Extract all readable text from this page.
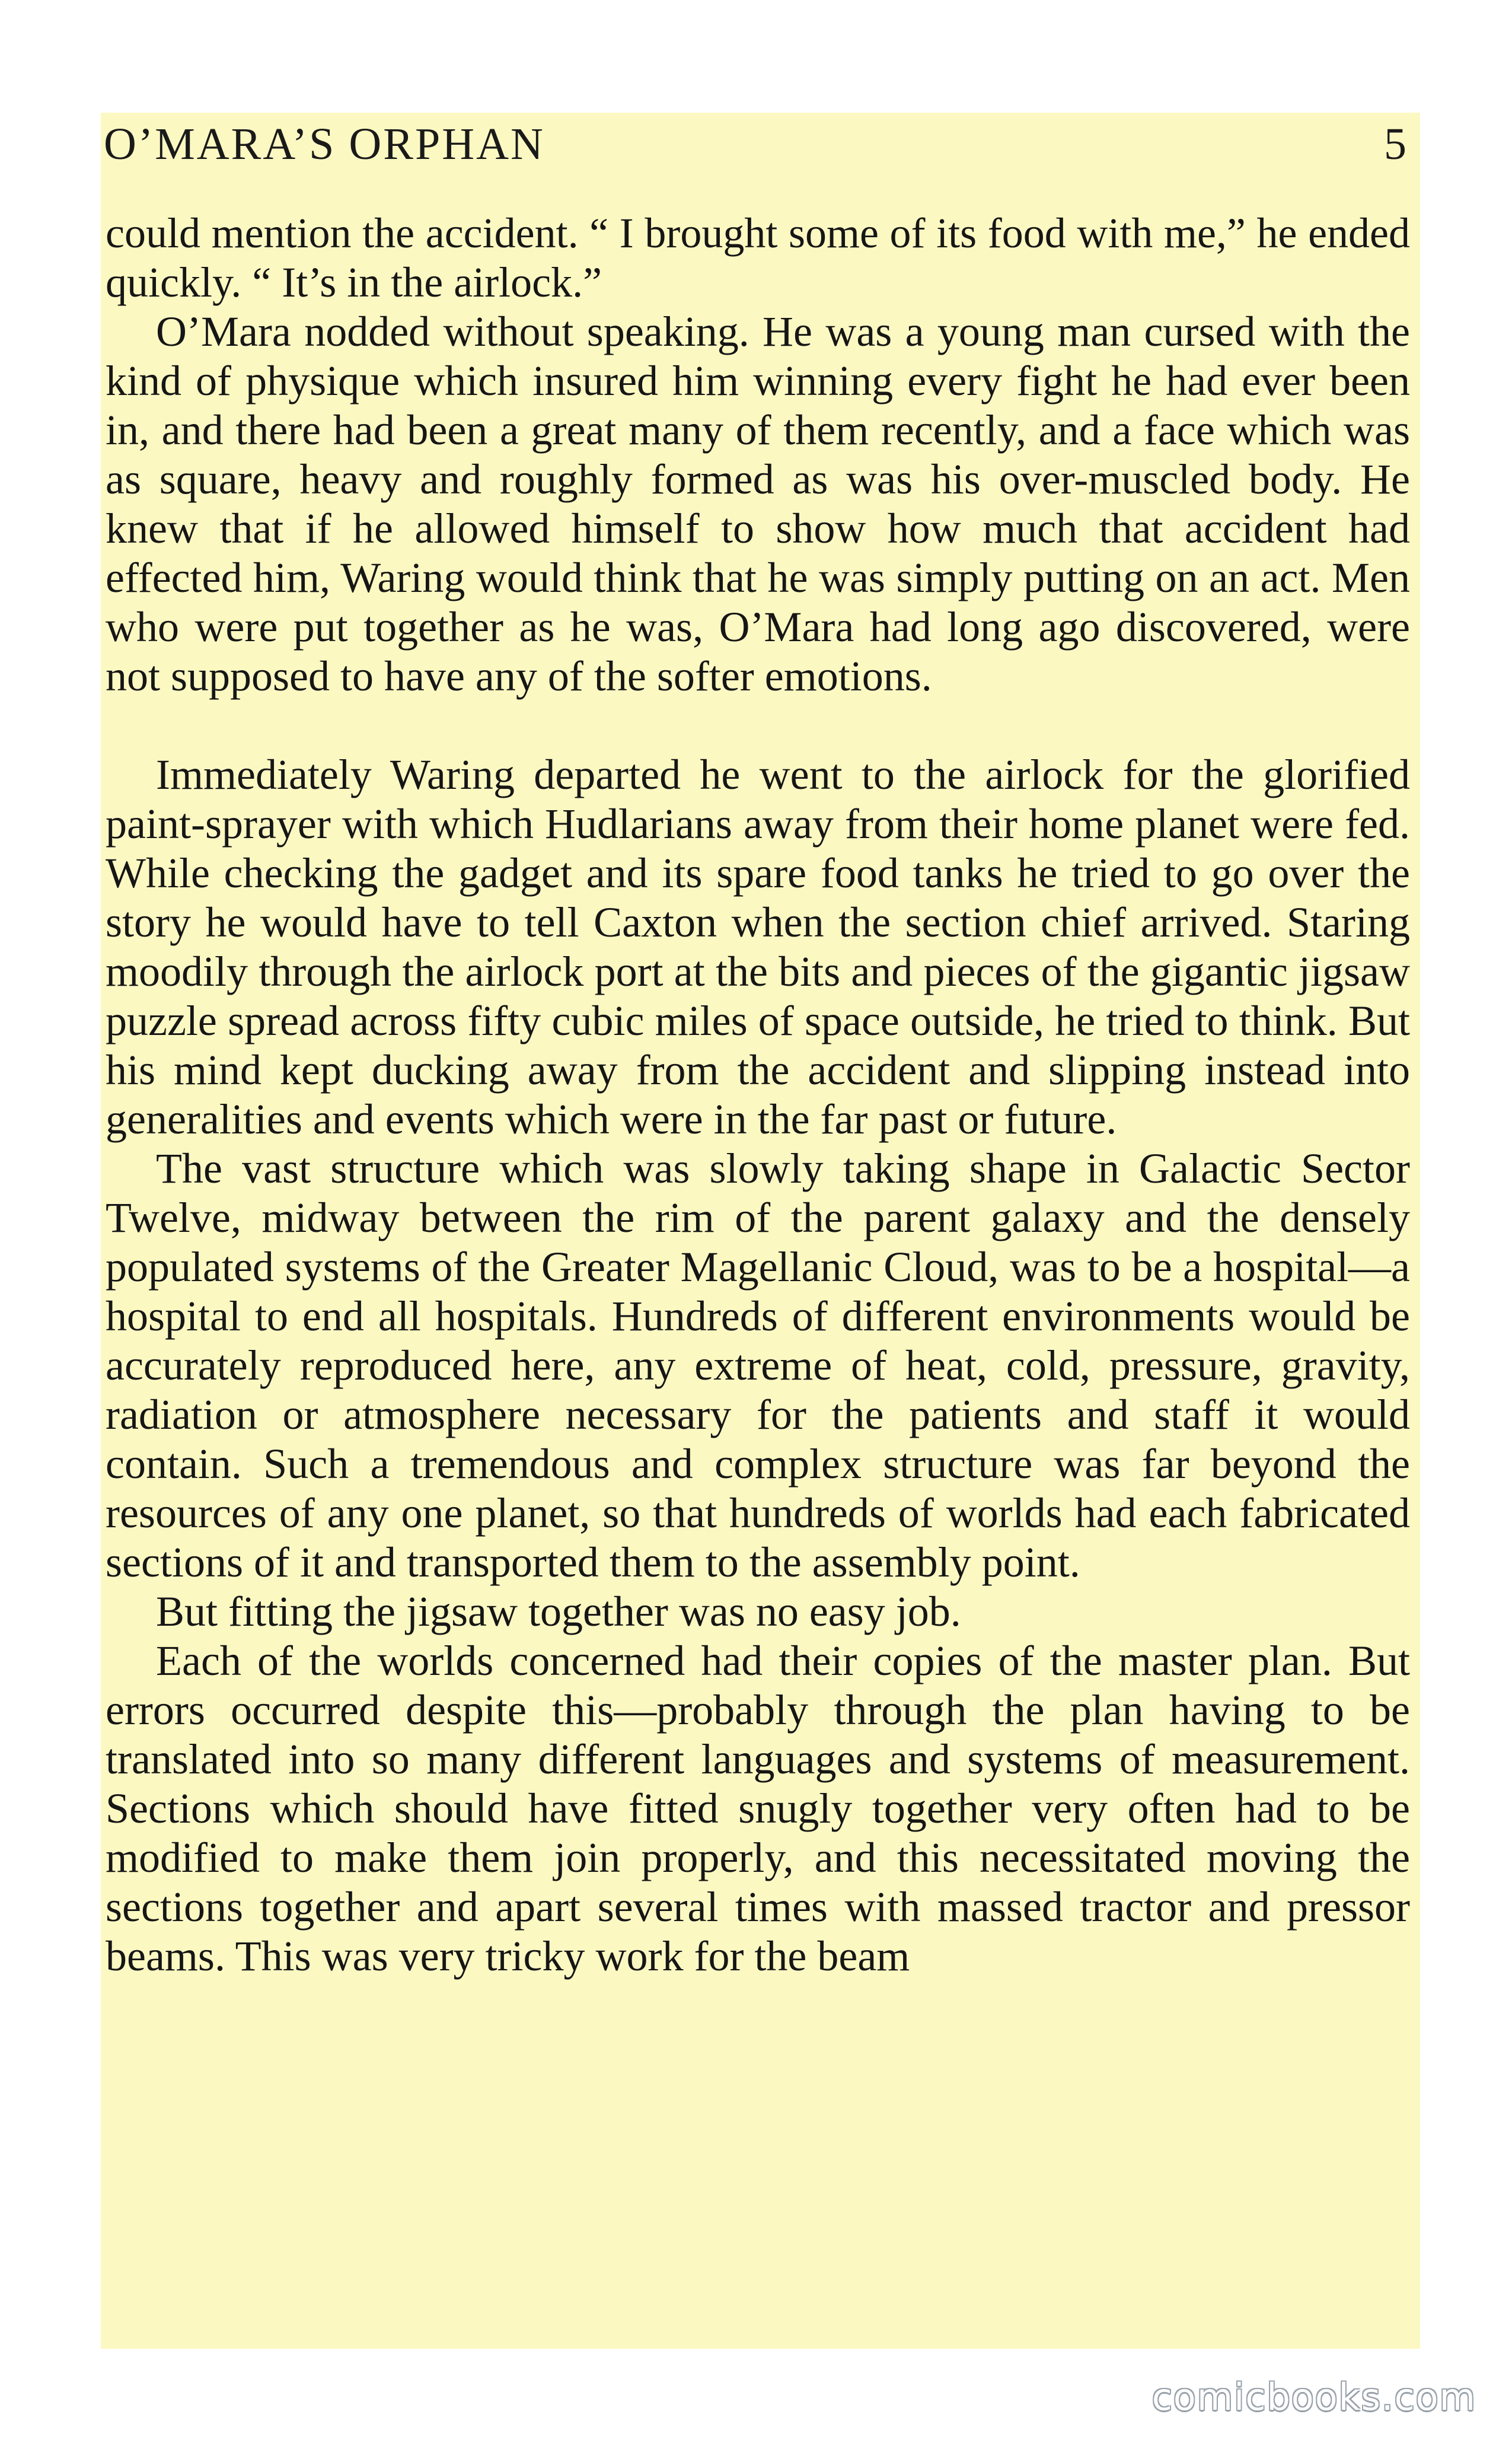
O’MARA’S ORPHAN	5

could mention the accident. “ I brought some of its food with me,” he ended quickly. “ It’s in the airlock.”

O’Mara nodded without speaking. He was a young man cursed with the kind of physique which insured him winning every fight he had ever been in, and there had been a great many of them recently, and a face which was as square, heavy and roughly formed as was his over-muscled body. He knew that if he allowed himself to show how much that accident had effected him, Waring would think that he was simply putting on an act. Men who were put together as he was, O’Mara had long ago discovered, were not supposed to have any of the softer emotions.

Immediately Waring departed he went to the airlock for the glorified paint-sprayer with which Hudlarians away from their home planet were fed. While checking the gadget and its spare food tanks he tried to go over the story he would have to tell Caxton when the section chief arrived. Staring moodily through the airlock port at the bits and pieces of the gigantic jigsaw puzzle spread across fifty cubic miles of space outside, he tried to think. But his mind kept ducking away from the accident and slipping instead into generalities and events which were in the far past or future.

The vast structure which was slowly taking shape in Galactic Sector Twelve, midway between the rim of the parent galaxy and the densely populated systems of the Greater Magellanic Cloud, was to be a hospital—a hospital to end all hospitals. Hundreds of different environments would be accurately reproduced here, any extreme of heat, cold, pressure, gravity, radiation or atmosphere necessary for the patients and staff it would contain. Such a tremendous and complex structure was far beyond the resources of any one planet, so that hundreds of worlds had each fabricated sections of it and transported them to the assembly point.

But fitting the jigsaw together was no easy job.

Each of the worlds concerned had their copies of the master plan. But errors occurred despite this—probably through the plan having to be translated into so many different languages and systems of measurement. Sections which should have fitted snugly together very often had to be modified to make them join properly, and this necessitated moving the sections together and apart several times with massed tractor and pressor beams. This was very tricky work for the beam

comicbooks.com
